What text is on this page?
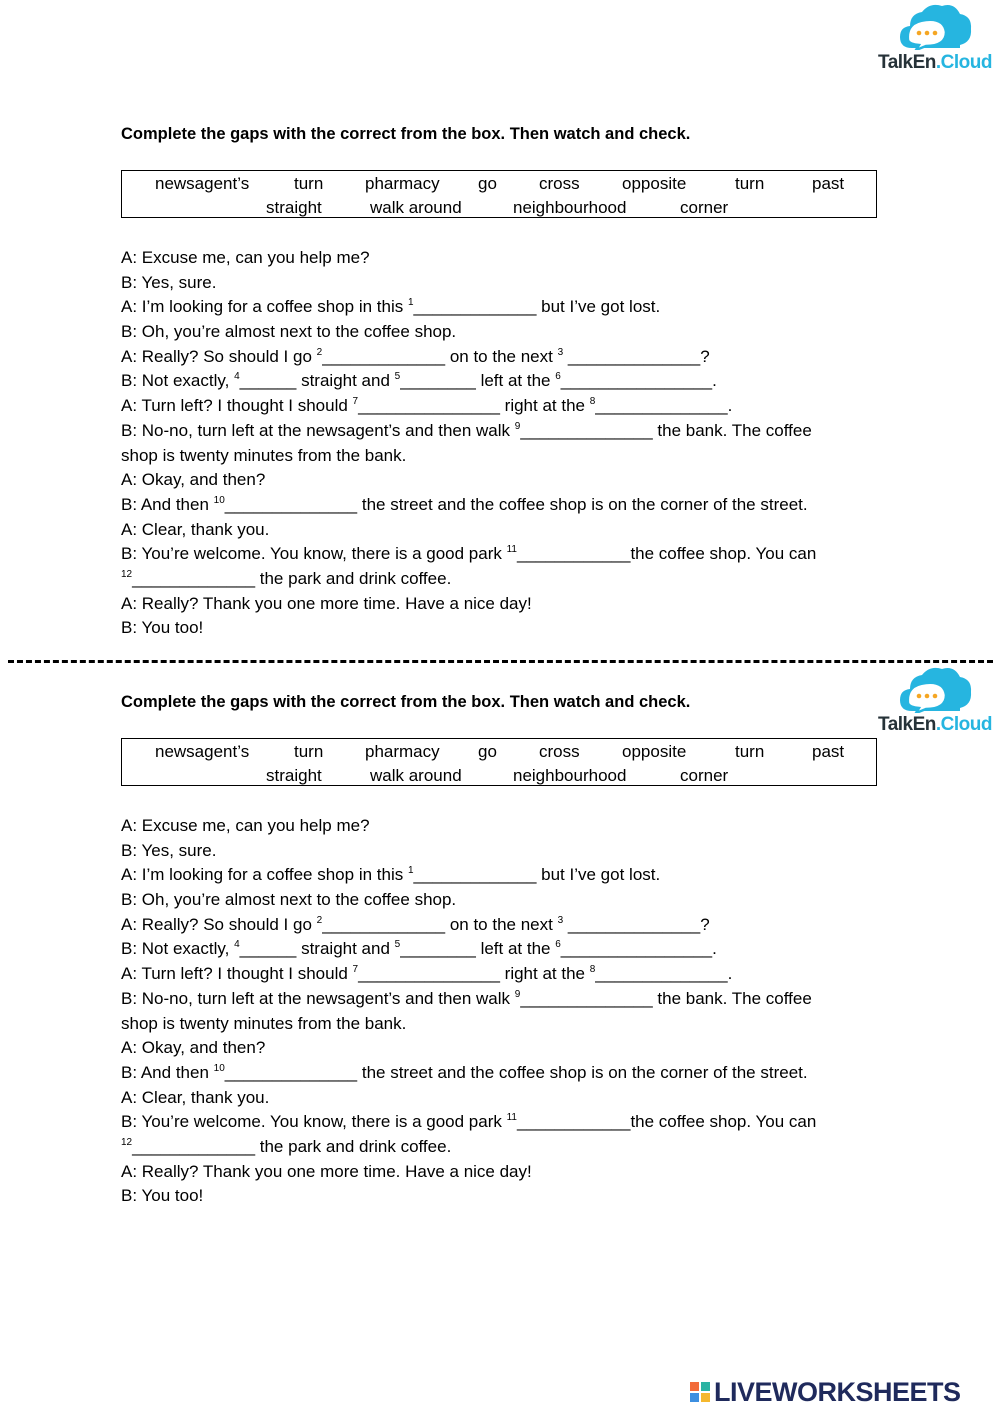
TalkEn.Cloud
TalkEn.Cloud

Complete the gaps with the correct from the box. Then watch and check.

newsagent’s	turn pharmacy go cross opposite	turn	past
straight	walk around	neighbourhood	corner
A: Excuse me, can you help me?
B: Yes, sure.
A: I’m looking for a coffee shop in this $^1$_____________ but I’ve got lost.
B: Oh, you’re almost next to the coffee shop.
A: Really? So should I go $^2$_____________ on to the next $^3$ ______________?
B: Not exactly, $^4$______ straight and $^5$________ left at the $^6$________________.
A: Turn left? I thought I should $^7$_______________ right at the $^8$______________.
B: No-no, turn left at the newsagent’s and then walk $^9$______________ the bank. The coffee
shop is twenty minutes from the bank.
A: Okay, and then?
B: And then $^{10}$______________ the street and the coffee shop is on the corner of the street.
A: Clear, thank you.
B: You’re welcome. You know, there is a good park $^{11}$____________the coffee shop. You can
$^{12}$_____________ the park and drink coffee.
A: Really? Thank you one more time. Have a nice day!
B: You too!

Complete the gaps with the correct from the box. Then watch and check.

newsagent’s	turn pharmacy go cross opposite	turn	past
straight	walk around	neighbourhood	corner
A: Excuse me, can you help me?
B: Yes, sure.
A: I’m looking for a coffee shop in this $^1$_____________ but I’ve got lost.
B: Oh, you’re almost next to the coffee shop.
A: Really? So should I go $^2$_____________ on to the next $^3$ ______________?
B: Not exactly, $^4$______ straight and $^5$________ left at the $^6$________________.
A: Turn left? I thought I should $^7$_______________ right at the $^8$______________.
B: No-no, turn left at the newsagent’s and then walk $^9$______________ the bank. The coffee
shop is twenty minutes from the bank.
A: Okay, and then?
B: And then $^{10}$______________ the street and the coffee shop is on the corner of the street.
A: Clear, thank you.
B: You’re welcome. You know, there is a good park $^{11}$____________the coffee shop. You can
$^{12}$_____________ the park and drink coffee.
A: Really? Thank you one more time. Have a nice day!
B: You too!
LIVEWORKSHEETS
